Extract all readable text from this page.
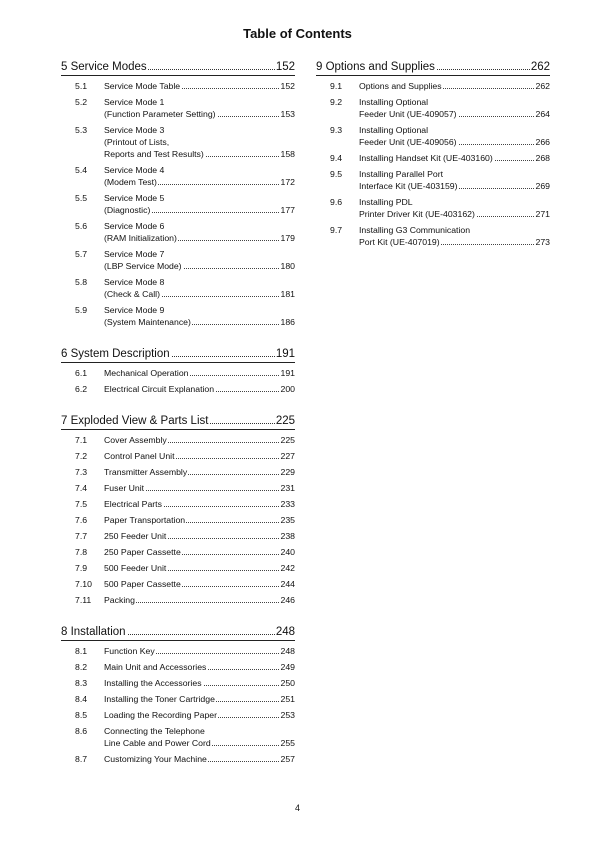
Table of Contents
5 Service Modes	152
5.1	Service Mode Table	152
5.2	Service Mode 1
(Function Parameter Setting)	153
5.3	Service Mode 3
(Printout of Lists,
Reports and Test Results)	158
5.4	Service Mode 4
(Modem Test)	172
5.5	Service Mode 5
(Diagnostic)	177
5.6	Service Mode 6
(RAM Initialization)	179
5.7	Service Mode 7
(LBP Service Mode)	180
5.8	Service Mode 8
(Check & Call)	181
5.9	Service Mode 9
(System Maintenance)	186
6 System Description	191
6.1	Mechanical Operation	191
6.2	Electrical Circuit Explanation	200
7 Exploded View & Parts List	225
7.1	Cover Assembly	225
7.2	Control Panel Unit	227
7.3	Transmitter Assembly	229
7.4	Fuser Unit	231
7.5	Electrical Parts	233
7.6	Paper Transportation	235
7.7	250 Feeder Unit	238
7.8	250 Paper Cassette	240
7.9	500 Feeder Unit	242
7.10	500 Paper Cassette	244
7.11	Packing	246
8 Installation	248
8.1	Function Key	248
8.2	Main Unit and Accessories	249
8.3	Installing the Accessories	250
8.4	Installing the Toner Cartridge	251
8.5	Loading the Recording Paper	253
8.6	Connecting the Telephone
Line Cable and Power Cord	255
8.7	Customizing Your Machine	257
9 Options and Supplies	262
9.1	Options and Supplies	262
9.2	Installing Optional
Feeder Unit (UE-409057)	264
9.3	Installing Optional
Feeder Unit (UE-409056)	266
9.4	Installing Handset Kit (UE-403160)	268
9.5	Installing Parallel Port
Interface Kit (UE-403159)	269
9.6	Installing PDL
Printer Driver Kit (UE-403162)	271
9.7	Installing G3 Communication
Port Kit (UE-407019)	273
4
